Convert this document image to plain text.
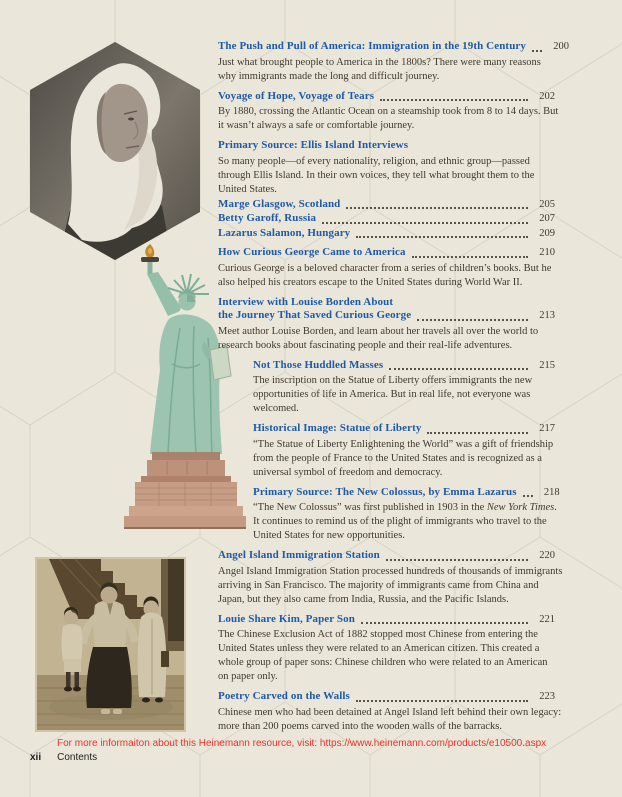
The Push and Pull of America: Immigration in the 19th Century	200
Just what brought people to America in the 1800s? There were many reasons
why immigrants made the long and difficult journey.
Voyage of Hope, Voyage of Tears	202
By 1880, crossing the Atlantic Ocean on a steamship took from 8 to 14 days. But
it wasn’t always a safe or comfortable journey.
Primary Source: Ellis Island Interviews
So many people—of every nationality, religion, and ethnic group—passed
through Ellis Island. In their own voices, they tell what brought them to the
United States.
Marge Glasgow, Scotland	205
Betty Garoff, Russia	207
Lazarus Salamon, Hungary	209
How Curious George Came to America	210
Curious George is a beloved character from a series of children’s books. But he
also helped his creators escape to the United States during World War II.
Interview with Louise Borden About
the Journey That Saved Curious George	213
Meet author Louise Borden, and learn about her travels all over the world to
research books about fascinating people and their real-life adventures.
Not Those Huddled Masses	215
The inscription on the Statue of Liberty offers immigrants the new
opportunities of life in America. But in real life, not everyone was
welcomed.
Historical Image: Statue of Liberty	217
“The Statue of Liberty Enlightening the World” was a gift of friendship
from the people of France to the United States and is recognized as a
universal symbol of freedom and democracy.
Primary Source: The New Colossus, by Emma Lazarus	218
“The New Colossus” was first published in 1903 in the New York Times.
It continues to remind us of the plight of immigrants who travel to the
United States for new opportunities.
Angel Island Immigration Station	220
Angel Island Immigration Station processed hundreds of thousands of immigrants
arriving in San Francisco. The majority of immigrants came from China and
Japan, but they also came from India, Russia, and the Pacific Islands.
Louie Share Kim, Paper Son	221
The Chinese Exclusion Act of 1882 stopped most Chinese from entering the
United States unless they were related to an American citizen. This created a
whole group of paper sons: Chinese children who were related to an American
on paper only.
Poetry Carved on the Walls	223
Chinese men who had been detained at Angel Island left behind their own legacy:
more than 200 poems carved into the wooden walls of the barracks.
For more informaiton about this Heinemann resource, visit: https://www.heinemann.com/products/e10500.aspx
xii Contents
